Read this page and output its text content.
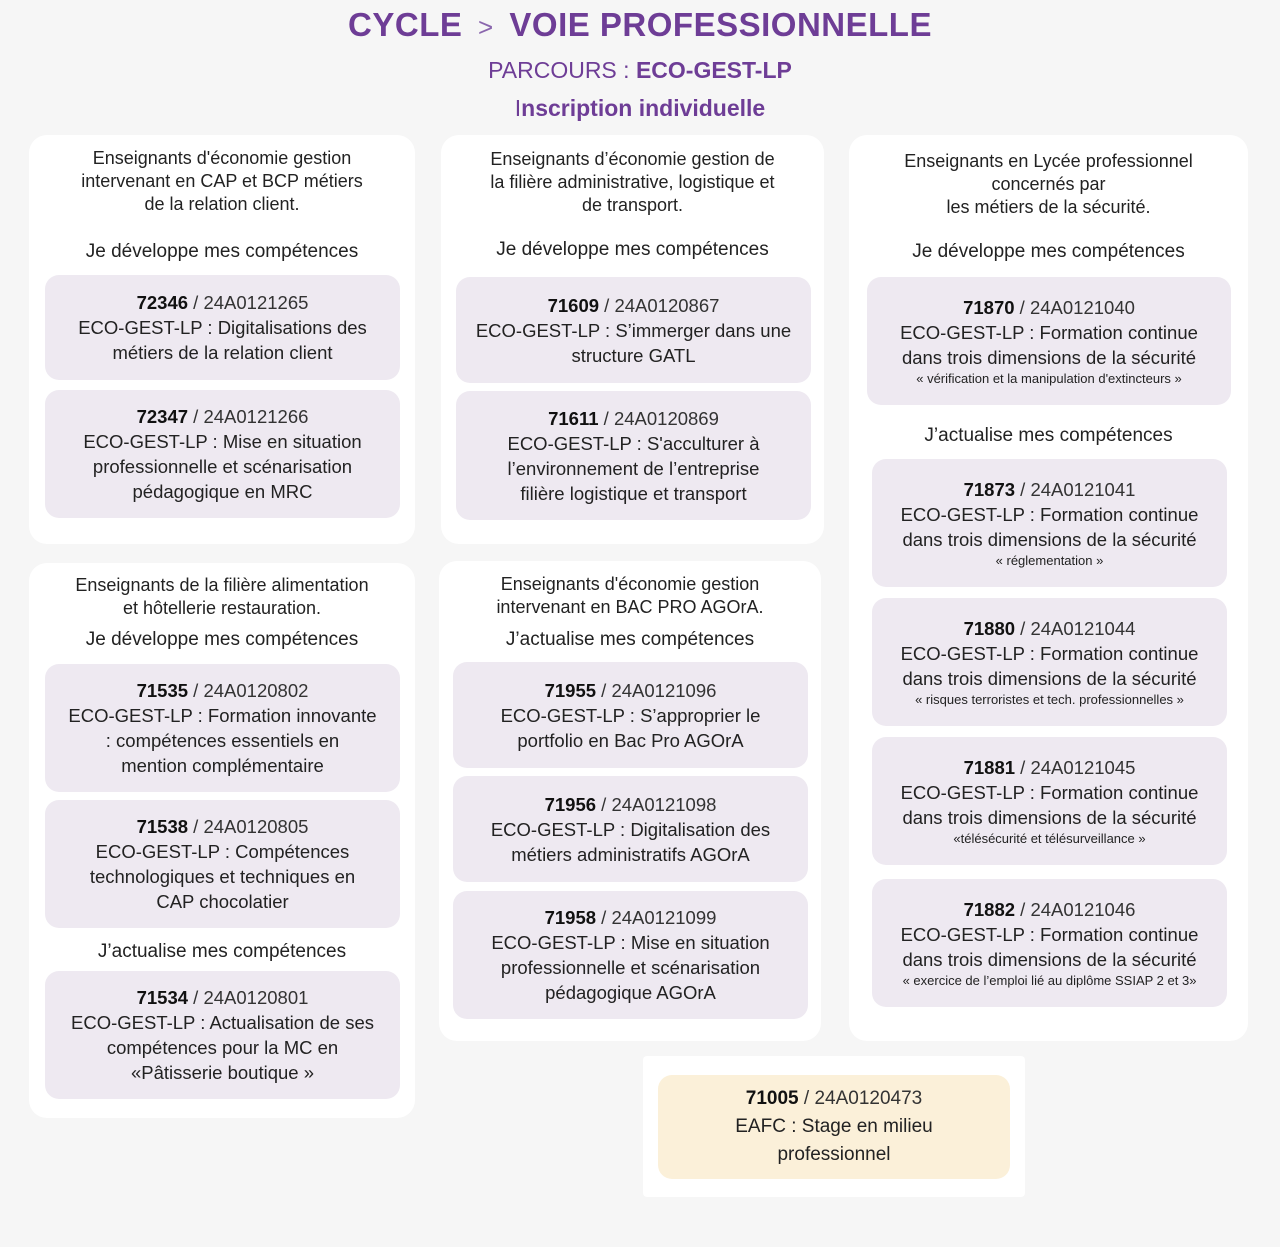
CYCLE > VOIE PROFESSIONNELLE
PARCOURS : ECO-GEST-LP
Inscription individuelle
Enseignants d'économie gestion
intervenant en CAP et BCP métiers
de la relation client.
Je développe mes compétences
72346 / 24A0121265
ECO-GEST-LP : Digitalisations des
métiers de la relation client
72347 / 24A0121266
ECO-GEST-LP : Mise en situation
professionnelle et scénarisation
pédagogique en MRC
Enseignants d’économie gestion de
la filière administrative, logistique et
de transport.
Je développe mes compétences
71609 / 24A0120867
ECO-GEST-LP : S’immerger dans une
structure GATL
71611 / 24A0120869
ECO-GEST-LP : S'acculturer à
l’environnement de l’entreprise
filière logistique et transport
Enseignants en Lycée professionnel
concernés par
les métiers de la sécurité.
Je développe mes compétences
71870 / 24A0121040
ECO-GEST-LP : Formation continue
dans trois dimensions de la sécurité
« vérification et la manipulation d'extincteurs »
J’actualise mes compétences
71873 / 24A0121041
ECO-GEST-LP : Formation continue
dans trois dimensions de la sécurité
« réglementation »
71880 / 24A0121044
ECO-GEST-LP : Formation continue
dans trois dimensions de la sécurité
« risques terroristes et tech. professionnelles »
71881 / 24A0121045
ECO-GEST-LP : Formation continue
dans trois dimensions de la sécurité
«télésécurité et télésurveillance »
71882 / 24A0121046
ECO-GEST-LP : Formation continue
dans trois dimensions de la sécurité
« exercice de l’emploi lié au diplôme SSIAP 2 et 3»
Enseignants de la filière alimentation
et hôtellerie restauration.
Je développe mes compétences
71535 / 24A0120802
ECO-GEST-LP : Formation innovante
: compétences essentiels en
mention complémentaire
71538 / 24A0120805
ECO-GEST-LP : Compétences
technologiques et techniques en
CAP chocolatier
J’actualise mes compétences
71534 / 24A0120801
ECO-GEST-LP : Actualisation de ses
compétences pour la MC en
«Pâtisserie boutique »
Enseignants d'économie gestion
intervenant en BAC PRO AGOrA.
J’actualise mes compétences
71955 / 24A0121096
ECO-GEST-LP : S’approprier le
portfolio en Bac Pro AGOrA
71956 / 24A0121098
ECO-GEST-LP : Digitalisation des
métiers administratifs AGOrA
71958 / 24A0121099
ECO-GEST-LP : Mise en situation
professionnelle et scénarisation
pédagogique AGOrA
71005 / 24A0120473
EAFC : Stage en milieu
professionnel
